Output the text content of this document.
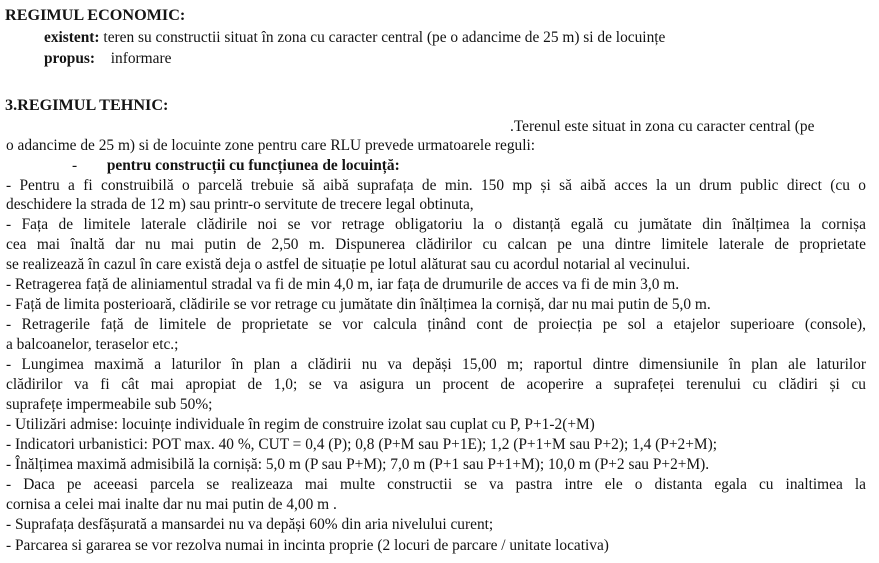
REGIMUL ECONOMIC:
existent: teren su constructii situat în zona cu caracter central (pe o adancime de 25 m) si de locuințe
propus: informare
3.REGIMUL TEHNIC:
.Terenul este situat in zona cu caracter central (pe
o adancime de 25 m) si de locuinte zone pentru care RLU prevede urmatoarele reguli:
- pentru construcții cu funcțiunea de locuință:
- Pentru a fi construibilă o parcelă trebuie să aibă suprafața de min. 150 mp și să aibă acces la un drum public direct (cu o
deschidere la strada de 12 m) sau printr-o servitute de trecere legal obtinuta,
- Fața de limitele laterale clădirile noi se vor retrage obligatoriu la o distanță egală cu jumătate din înălțimea la cornișa
cea mai înaltă dar nu mai putin de 2,50 m. Dispunerea clădirilor cu calcan pe una dintre limitele laterale de proprietate
se realizează în cazul în care există deja o astfel de situație pe lotul alăturat sau cu acordul notarial al vecinului.
- Retragerea față de aliniamentul stradal va fi de min 4,0 m, iar fața de drumurile de acces va fi de min 3,0 m.
- Față de limita posterioară, clădirile se vor retrage cu jumătate din înălțimea la cornișă, dar nu mai putin de 5,0 m.
- Retragerile față de limitele de proprietate se vor calcula ținând cont de proiecția pe sol a etajelor superioare (console),
a balcoanelor, teraselor etc.;
- Lungimea maximă a laturilor în plan a clădirii nu va depăși 15,00 m; raportul dintre dimensiunile în plan ale laturilor
clădirilor va fi cât mai apropiat de 1,0; se va asigura un procent de acoperire a suprafeței terenului cu clădiri și cu
suprafețe impermeabile sub 50%;
- Utilizări admise: locuințe individuale în regim de construire izolat sau cuplat cu P, P+1-2(+M)
- Indicatori urbanistici: POT max. 40 %, CUT = 0,4 (P); 0,8 (P+M sau P+1E); 1,2 (P+1+M sau P+2); 1,4 (P+2+M);
- Înălțimea maximă admisibilă la cornișă: 5,0 m (P sau P+M); 7,0 m (P+1 sau P+1+M); 10,0 m (P+2 sau P+2+M).
- Daca pe aceeasi parcela se realizeaza mai multe constructii se va pastra intre ele o distanta egala cu inaltimea la
cornisa a celei mai inalte dar nu mai putin de 4,00 m .
- Suprafața desfășurată a mansardei nu va depăși 60% din aria nivelului curent;
- Parcarea si gararea se vor rezolva numai in incinta proprie (2 locuri de parcare / unitate locativa)
